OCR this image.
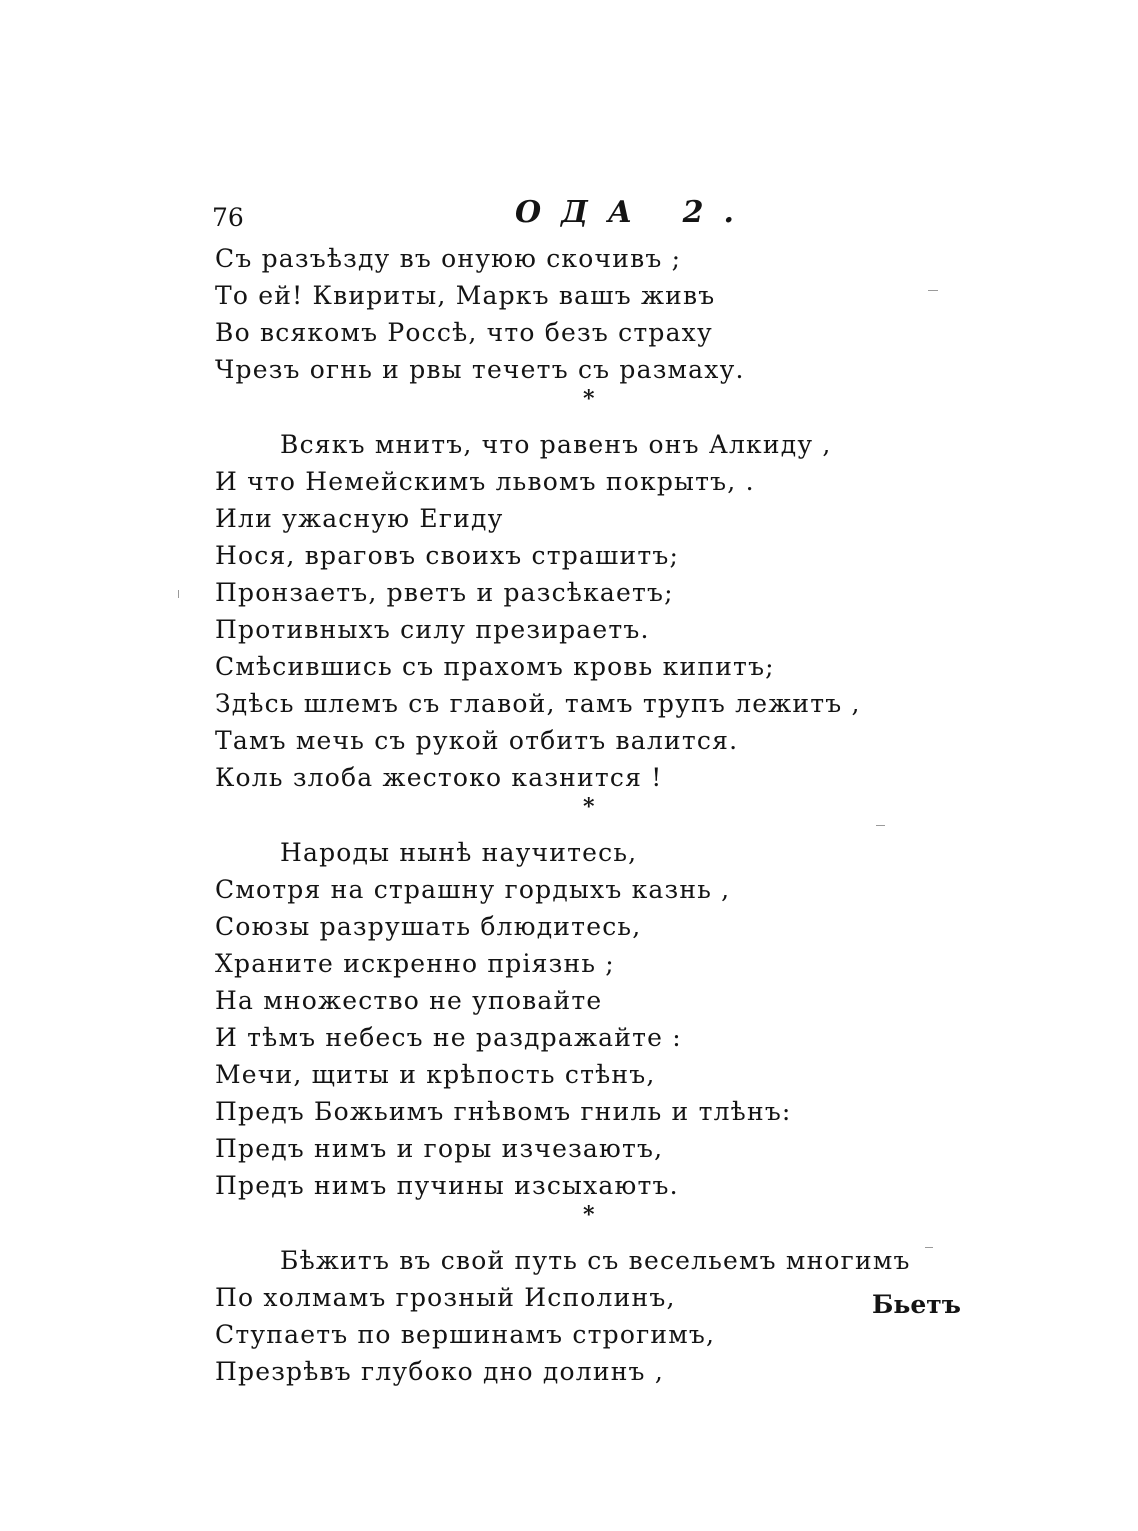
76	ОДА 2.
Съ разъѣзду въ онуюю скочивъ ;
То ей! Квириты, Маркъ вашъ живъ
Во всякомъ Россѣ, что безъ страху
Чрезъ огнь и рвы течетъ съ размаху.
*
Всякъ мнитъ, что равенъ онъ Алкиду ,
И что Немейскимъ львомъ покрытъ, .
Или ужасную Егиду
Нося, враговъ своихъ страшитъ;
Пронзаетъ, рветъ и разсѣкаетъ;
Противныхъ силу презираетъ.
Смѣсившись съ прахомъ кровь кипитъ;
Здѣсь шлемъ съ главой, тамъ трупъ лежитъ ,
Тамъ мечь съ рукой отбитъ валится.
Коль злоба жестоко казнится !
*
Народы нынѣ научитесь,
Смотря на страшну гордыхъ казнь ,
Союзы разрушать блюдитесь,
Храните искренно пріязнь ;
На множество не уповайте
И тѣмъ небесъ не раздражайте :
Мечи, щиты и крѣпость стѣнъ,
Предъ Божьимъ гнѣвомъ гниль и тлѣнъ:
Предъ нимъ и горы изчезаютъ,
Предъ нимъ пучины изсыхаютъ.
*
Бѣжитъ въ свой путь съ весельемъ многимъ
По холмамъ грозный Исполинъ,
Ступаетъ по вершинамъ строгимъ,
Презрѣвъ глубоко дно долинъ ,
Бьетъ
